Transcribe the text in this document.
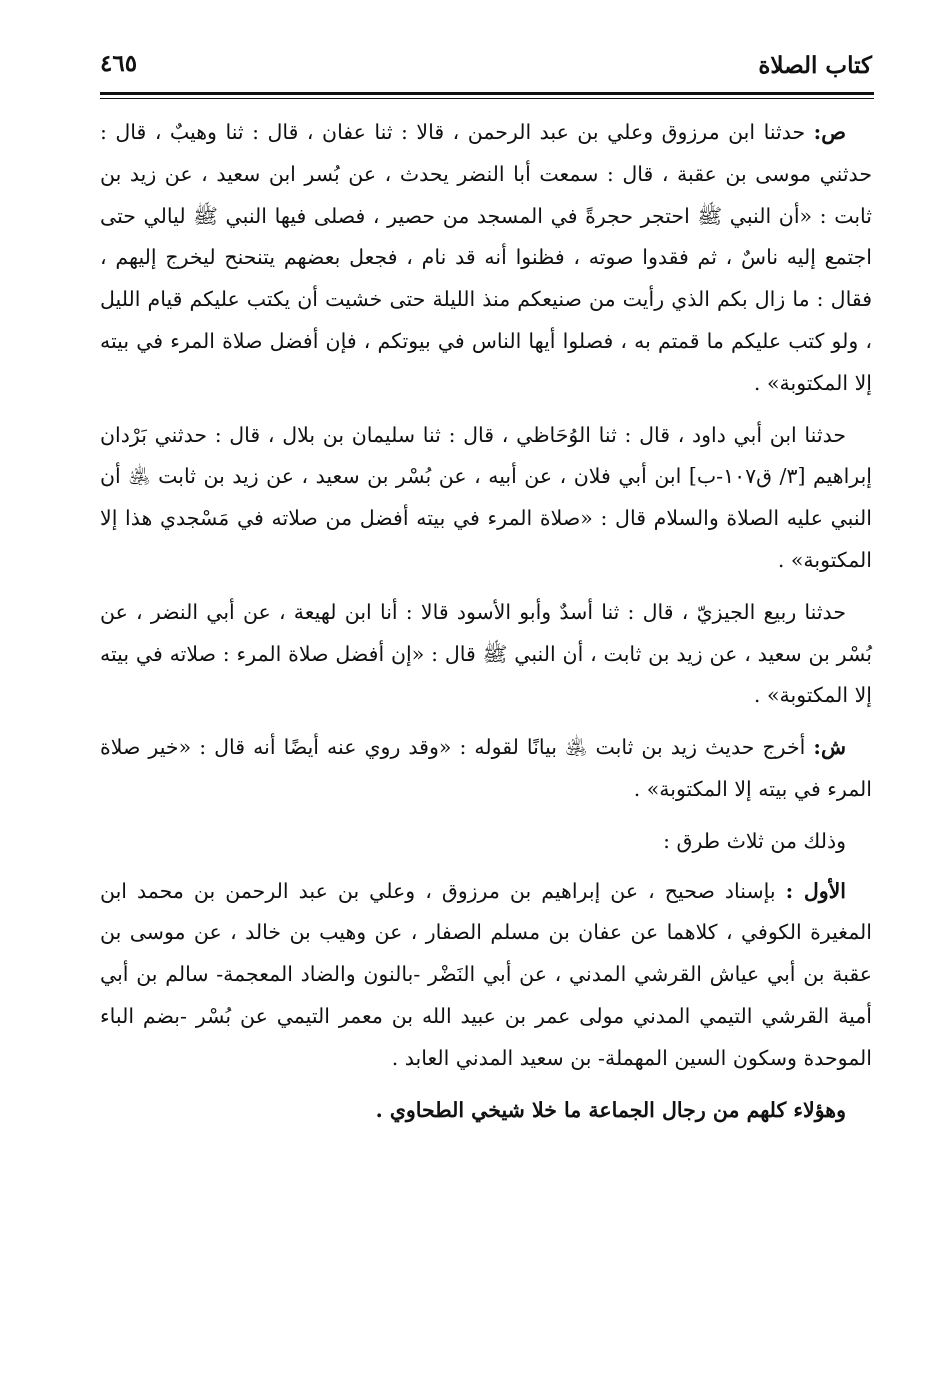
كتاب الصلاة
٤٦٥

ص: حدثنا ابن مرزوق وعلي بن عبد الرحمن ، قالا : ثنا عفان ، قال : ثنا وهيبٌ ، قال : حدثني موسى بن عقبة ، قال : سمعت أبا النضر يحدث ، عن بُسر ابن سعيد ، عن زيد بن ثابت : «أن النبي ﷺ احتجر حجرةً في المسجد من حصير ، فصلى فيها النبي ﷺ ليالي حتى اجتمع إليه ناسٌ ، ثم فقدوا صوته ، فظنوا أنه قد نام ، فجعل بعضهم يتنحنح ليخرج إليهم ، فقال : ما زال بكم الذي رأيت من صنيعكم منذ الليلة حتى خشيت أن يكتب عليكم قيام الليل ، ولو كتب عليكم ما قمتم به ، فصلوا أيها الناس في بيوتكم ، فإن أفضل صلاة المرء في بيته إلا المكتوبة» .

حدثنا ابن أبي داود ، قال : ثنا الوُحَاظي ، قال : ثنا سليمان بن بلال ، قال : حدثني بَرْدان إبراهيم [٣/ ق١٠٧-ب] ابن أبي فلان ، عن أبيه ، عن بُسْر بن سعيد ، عن زيد بن ثابت ﵁ أن النبي عليه الصلاة والسلام قال : «صلاة المرء في بيته أفضل من صلاته في مَسْجدي هذا إلا المكتوبة» .

حدثنا ربيع الجيزيّ ، قال : ثنا أسدٌ وأبو الأسود قالا : أنا ابن لهيعة ، عن أبي النضر ، عن بُسْر بن سعيد ، عن زيد بن ثابت ، أن النبي ﷺ قال : «إن أفضل صلاة المرء : صلاته في بيته إلا المكتوبة» .

ش: أخرج حديث زيد بن ثابت ﵁ بيانًا لقوله : «وقد روي عنه أيضًا أنه قال : «خير صلاة المرء في بيته إلا المكتوبة» .

وذلك من ثلاث طرق :

الأول : بإسناد صحيح ، عن إبراهيم بن مرزوق ، وعلي بن عبد الرحمن بن محمد ابن المغيرة الكوفي ، كلاهما عن عفان بن مسلم الصفار ، عن وهيب بن خالد ، عن موسى بن عقبة بن أبي عياش القرشي المدني ، عن أبي النَضْر -بالنون والضاد المعجمة- سالم بن أبي أمية القرشي التيمي المدني مولى عمر بن عبيد الله بن معمر التيمي عن بُسْر -بضم الباء الموحدة وسكون السين المهملة- بن سعيد المدني العابد .

وهؤلاء كلهم من رجال الجماعة ما خلا شيخي الطحاوي .
